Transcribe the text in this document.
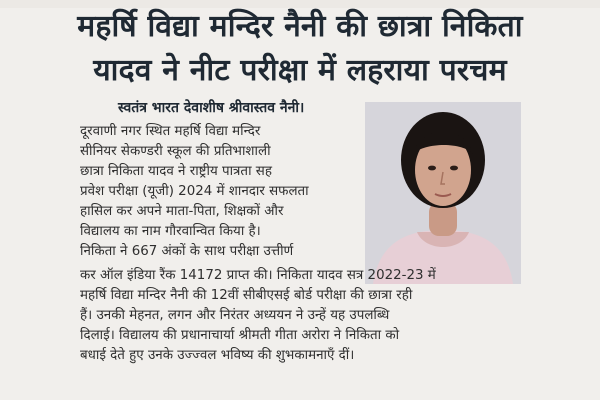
महर्षि विद्या मन्दिर नैनी की छात्रा निकिता
यादव ने नीट परीक्षा में लहराया परचम
स्वतंत्र भारत देवाशीष श्रीवास्तव नैनी।
दूरवाणी नगर स्थित महर्षि विद्या मन्दिर
सीनियर सेकण्डरी स्कूल की प्रतिभाशाली
छात्रा निकिता यादव ने राष्ट्रीय पात्रता सह
प्रवेश परीक्षा (यूजी) 2024 में शानदार सफलता
हासिल कर अपने माता-पिता, शिक्षकों और
विद्यालय का नाम गौरवान्वित किया है।
निकिता ने 667 अंकों के साथ परीक्षा उत्तीर्ण
कर ऑल इंडिया रैंक 14172 प्राप्त की। निकिता यादव सत्र 2022-23 में
महर्षि विद्या मन्दिर नैनी की 12वीं सीबीएसई बोर्ड परीक्षा की छात्रा रही
हैं। उनकी मेहनत, लगन और निरंतर अध्ययन ने उन्हें यह उपलब्धि
दिलाई। विद्यालय की प्रधानाचार्या श्रीमती गीता अरोरा ने निकिता को
बधाई देते हुए उनके उज्ज्वल भविष्य की शुभकामनाएँ दीं।
